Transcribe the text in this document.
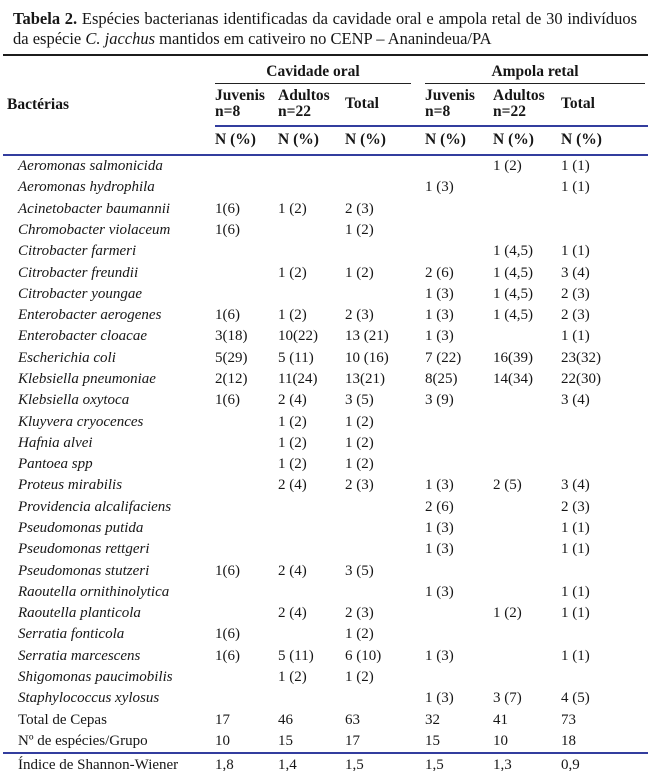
Tabela 2. Espécies bacterianas identificadas da cavidade oral e ampola retal de 30 indivíduos da espécie C. jacchus mantidos em cativeiro no CENP – Ananindeua/PA

Bactérias	Cavidade oral			Ampola retal		

	Juvenis
n=8	Adultos
n=22	Total	Juvenis
n=8	Adultos
n=22	Total

	N (%)	N (%)	N (%)	N (%)	N (%)	N (%)
Aeromonas salmonicida					1 (2)	1 (1)
Aeromonas hydrophila				1 (3)		1 (1)
Acinetobacter baumannii	1(6)	1 (2)	2 (3)			
Chromobacter violaceum	1(6)		1 (2)			
Citrobacter farmeri					1 (4,5)	1 (1)
Citrobacter freundii		1 (2)	1 (2)	2 (6)	1 (4,5)	3 (4)
Citrobacter youngae				1 (3)	1 (4,5)	2 (3)
Enterobacter aerogenes	1(6)	1 (2)	2 (3)	1 (3)	1 (4,5)	2 (3)
Enterobacter cloacae	3(18)	10(22)	13 (21)	1 (3)		1 (1)
Escherichia coli	5(29)	5 (11)	10 (16)	7 (22)	16(39)	23(32)
Klebsiella pneumoniae	2(12)	11(24)	13(21)	8(25)	14(34)	22(30)
Klebsiella oxytoca	1(6)	2 (4)	3 (5)	3 (9)		3 (4)
Kluyvera cryocences		1 (2)	1 (2)			
Hafnia alvei		1 (2)	1 (2)			
Pantoea spp		1 (2)	1 (2)			
Proteus mirabilis		2 (4)	2 (3)	1 (3)	2 (5)	3 (4)
Providencia alcalifaciens				2 (6)		2 (3)
Pseudomonas putida				1 (3)		1 (1)
Pseudomonas rettgeri				1 (3)		1 (1)
Pseudomonas stutzeri	1(6)	2 (4)	3 (5)			
Raoutella ornithinolytica				1 (3)		1 (1)
Raoutella planticola		2 (4)	2 (3)		1 (2)	1 (1)
Serratia fonticola	1(6)		1 (2)			
Serratia marcescens	1(6)	5 (11)	6 (10)	1 (3)		1 (1)
Shigomonas paucimobilis		1 (2)	1 (2)			
Staphylococcus xylosus				1 (3)	3 (7)	4 (5)
Total de Cepas	17	46	63	32	41	73
Nº de espécies/Grupo	10	15	17	15	10	18
Índice de Shannon-Wiener	1,8	1,4	1,5	1,5	1,3	0,9
